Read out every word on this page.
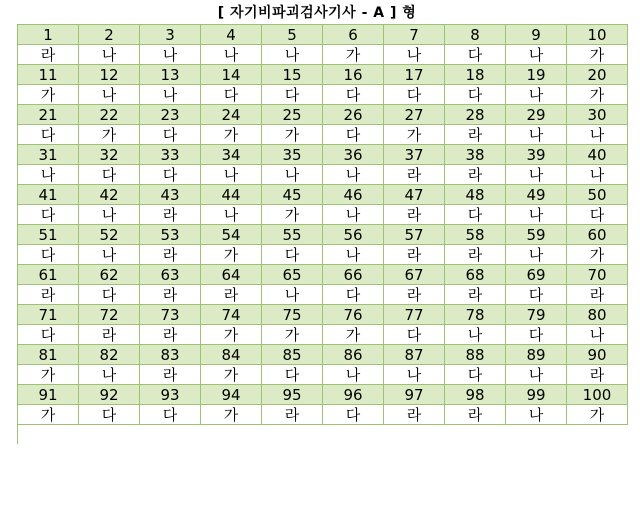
[ 자기비파괴검사기사 - A ] 형
1	2	3	4	5	6	7	8	9	10
라	나	나	나	나	가	나	다	나	가
11	12	13	14	15	16	17	18	19	20
가	나	나	다	다	다	다	다	나	가
21	22	23	24	25	26	27	28	29	30
다	가	다	가	가	다	가	라	나	나
31	32	33	34	35	36	37	38	39	40
나	다	다	나	나	나	라	라	나	나
41	42	43	44	45	46	47	48	49	50
다	나	라	나	가	나	라	다	나	다
51	52	53	54	55	56	57	58	59	60
다	나	라	가	다	나	라	라	나	가
61	62	63	64	65	66	67	68	69	70
라	다	라	라	나	다	라	라	다	라
71	72	73	74	75	76	77	78	79	80
다	라	라	가	가	가	다	나	다	나
81	82	83	84	85	86	87	88	89	90
가	나	라	가	다	나	나	다	나	라
91	92	93	94	95	96	97	98	99	100
가	다	다	가	라	다	라	라	나	가
